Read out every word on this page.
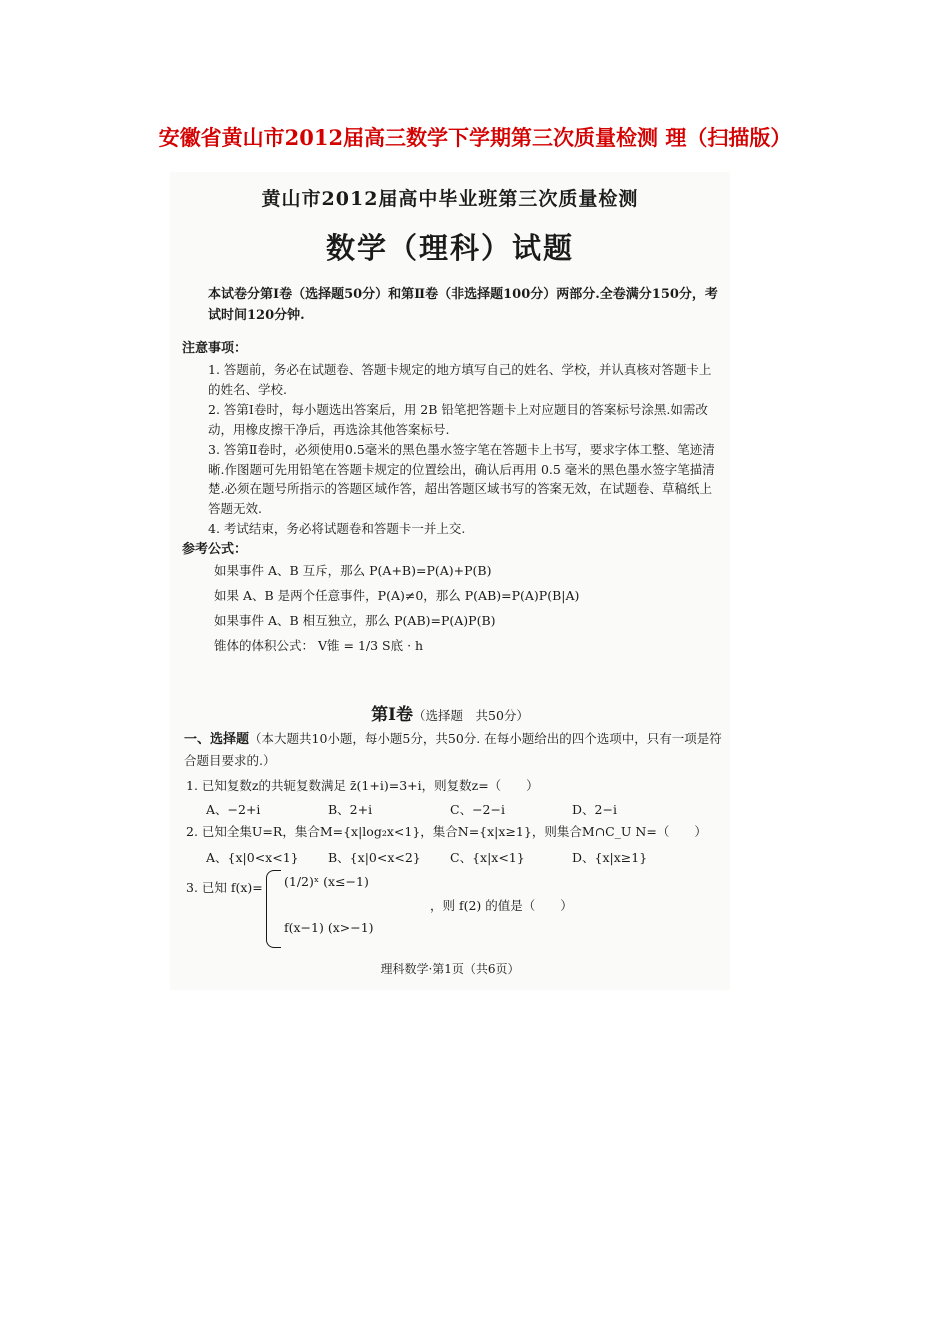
安徽省黄山市2012届高三数学下学期第三次质量检测 理（扫描版）
黄山市2012届高中毕业班第三次质量检测
数学（理科）试题
本试卷分第Ⅰ卷（选择题50分）和第Ⅱ卷（非选择题100分）两部分.全卷满分150分，考试时间120分钟.
注意事项：
1. 答题前，务必在试题卷、答题卡规定的地方填写自己的姓名、学校，并认真核对答题卡上的姓名、学校.
2. 答第Ⅰ卷时，每小题选出答案后，用 2B 铅笔把答题卡上对应题目的答案标号涂黑.如需改动，用橡皮擦干净后，再选涂其他答案标号.
3. 答第Ⅱ卷时，必须使用0.5毫米的黑色墨水签字笔在答题卡上书写，要求字体工整、笔迹清晰.作图题可先用铅笔在答题卡规定的位置绘出，确认后再用 0.5 毫米的黑色墨水签字笔描清楚.必须在题号所指示的答题区域作答，超出答题区域书写的答案无效，在试题卷、草稿纸上答题无效.
4. 考试结束，务必将试题卷和答题卡一并上交.
参考公式：
如果事件 A、B 互斥，那么 P(A+B)=P(A)+P(B)
如果 A、B 是两个任意事件，P(A)≠0，那么 P(AB)=P(A)P(B|A)
如果事件 A、B 相互独立，那么 P(AB)=P(A)P(B)
锥体的体积公式： V锥 = 1/3 S底 · h
第Ⅰ卷（选择题　共50分）
一、选择题（本大题共10小题，每小题5分，共50分. 在每小题给出的四个选项中，只有一项是符合题目要求的.）
1. 已知复数z的共轭复数满足 z̄(1+i)=3+i，则复数z=（　　）
A、−2+i	B、2+i	C、−2−i	D、2−i
2. 已知全集U=R，集合M={x|log₂x<1}，集合N={x|x≥1}，则集合M∩C_U N=（　　）
A、{x|0<x<1} B、{x|0<x<2} C、{x|x<1}	D、{x|x≥1}
3. 已知 f(x)= (1/2)ˣ (x≤−1)
f(x−1) (x>−1)
，则 f(2) 的值是（　　）
理科数学·第1页（共6页）
